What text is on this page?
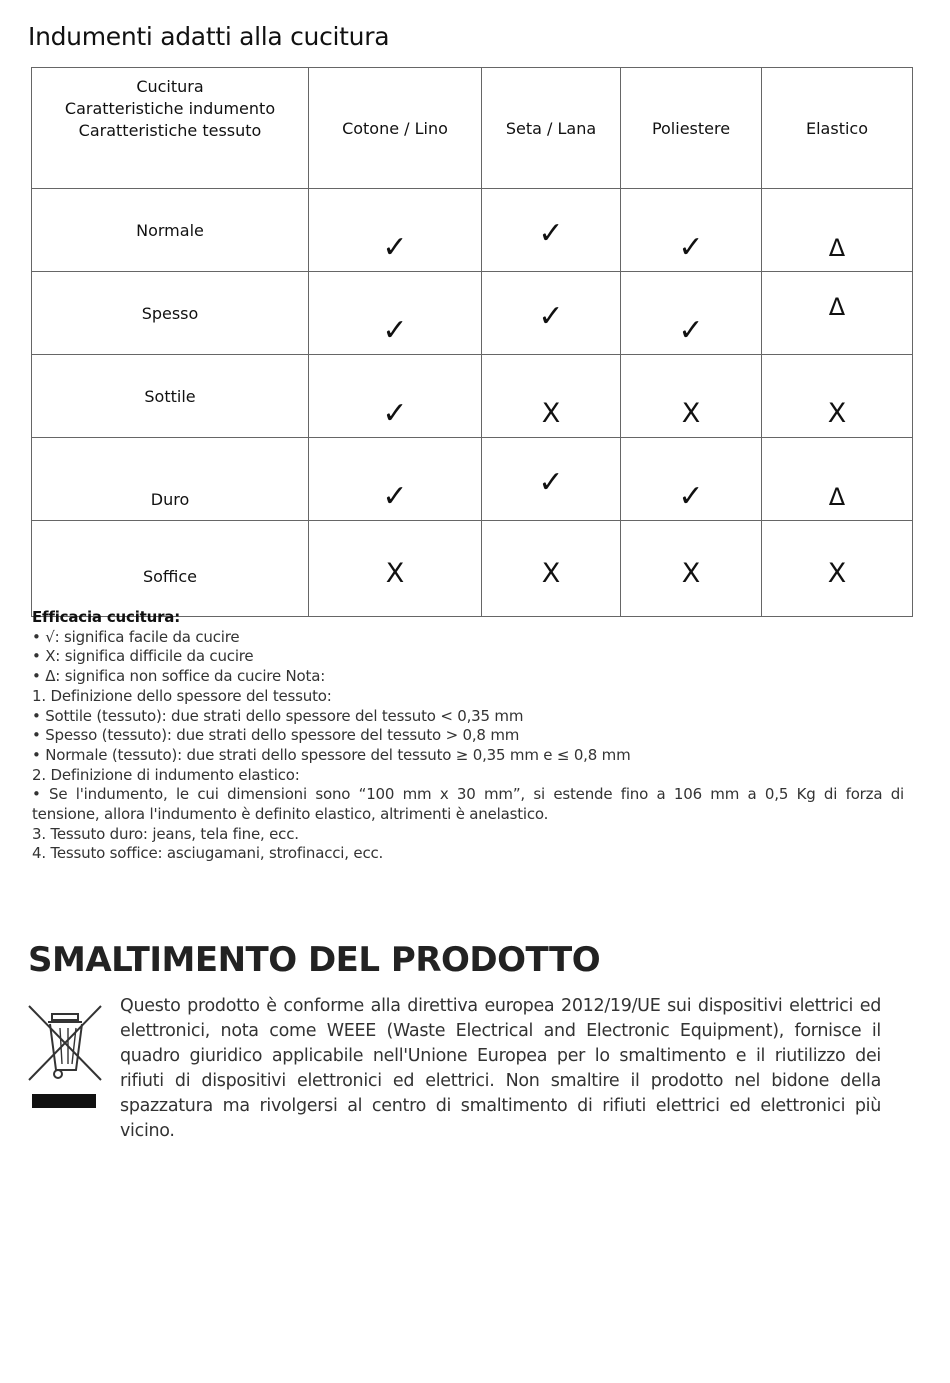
Indumenti adatti alla cucitura
Cucitura
Caratteristiche indumento
Caratteristiche tessuto	Cotone / Lino	Seta / Lana	Poliestere	Elastico

Normale	✓	✓	✓	Δ

Spesso	✓	✓	✓	Δ

Sottile	✓	X	X	X

Duro	✓	✓	✓	Δ

Soffice	X	X	X	X
Efficacia cucitura:
• √: significa facile da cucire
• X: significa difficile da cucire
• Δ: significa non soffice da cucire Nota:
1. Definizione dello spessore del tessuto:
• Sottile (tessuto): due strati dello spessore del tessuto < 0,35 mm
• Spesso (tessuto): due strati dello spessore del tessuto > 0,8 mm
• Normale (tessuto): due strati dello spessore del tessuto ≥ 0,35 mm e ≤ 0,8 mm
2. Definizione di indumento elastico:
• Se l'indumento, le cui dimensioni sono “100 mm x 30 mm”, si estende fino a 106 mm a 0,5 Kg di forza di
tensione, allora l'indumento è definito elastico, altrimenti è anelastico.
3. Tessuto duro: jeans, tela fine, ecc.
4. Tessuto soffice: asciugamani, strofinacci, ecc.
SMALTIMENTO DEL PRODOTTO
Questo prodotto è conforme alla direttiva europea 2012/19/UE sui dispositivi elettrici ed elettronici, nota come WEEE (Waste Electrical and Electronic Equipment), fornisce il quadro giuridico applicabile nell'Unione Europea per lo smaltimento e il riutilizzo dei rifiuti di dispositivi elettronici ed elettrici. Non smaltire il prodotto nel bidone della spazzatura ma rivolgersi al centro di smaltimento di rifiuti elettrici ed elettronici più vicino.
